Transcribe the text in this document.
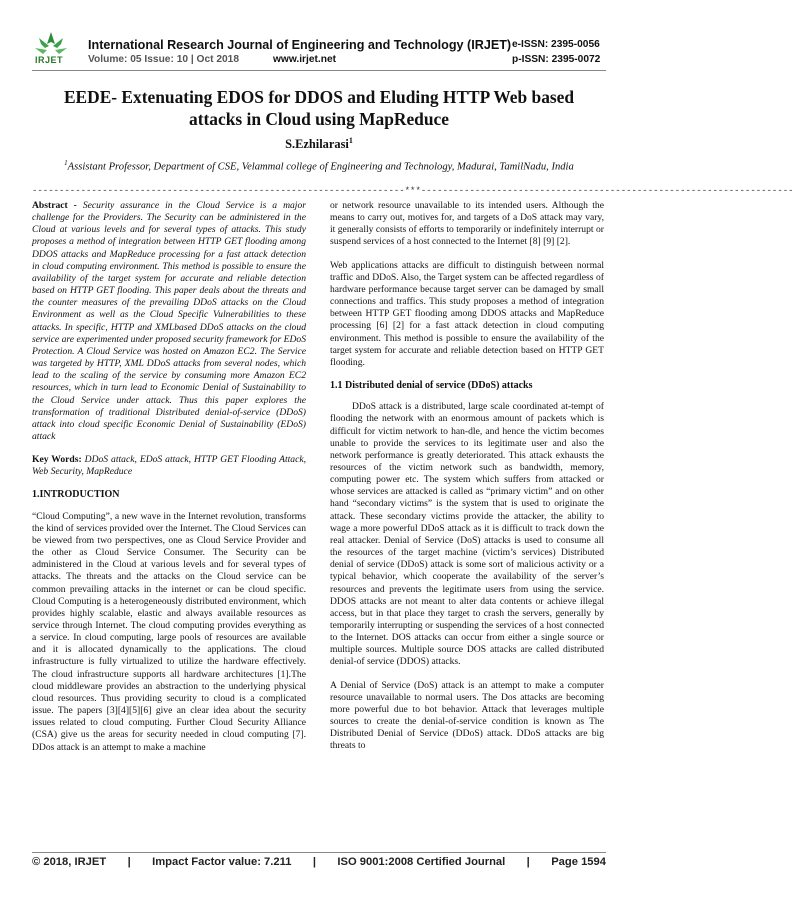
IRJET
International Research Journal of Engineering and Technology (IRJET)
Volume: 05 Issue: 10 | Oct 2018	www.irjet.net
e-ISSN: 2395-0056
p-ISSN: 2395-0072
EEDE- Extenuating EDOS for DDOS and Eluding HTTP Web based attacks in Cloud using MapReduce
S.Ezhilarasi$^1$
$^1$Assistant Professor, Department of CSE, Velammal college of Engineering and Technology, Madurai, TamilNadu, India
---------------------------------------------------------------------***---------------------------------------------------------------------

Abstract - Security assurance in the Cloud Service is a major challenge for the Providers. The Security can be administered in the Cloud at various levels and for several types of attacks. This study proposes a method of integration between HTTP GET flooding among DDOS attacks and MapReduce processing for a fast attack detection in cloud computing environment. This method is possible to ensure the availability of the target system for accurate and reliable detection based on HTTP GET flooding. This paper deals about the threats and the counter measures of the prevailing DDoS attacks on the Cloud Environment as well as the Cloud Specific Vulnerabilities to these attacks. In specific, HTTP and XMLbased DDoS attacks on the cloud service are experimented under proposed security framework for EDoS Protection. A Cloud Service was hosted on Amazon EC2. The Service was targeted by HTTP, XML DDoS attacks from several nodes, which lead to the scaling of the service by consuming more Amazon EC2 resources, which in turn lead to Economic Denial of Sustainability to the Cloud Service under attack. Thus this paper explores the transformation of traditional Distributed denial-of-service (DDoS) attack into cloud specific Economic Denial of Sustainability (EDoS) attack

Key Words: DDoS attack, EDoS attack, HTTP GET Flooding Attack, Web Security, MapReduce

1.INTRODUCTION

“Cloud Computing”, a new wave in the Internet revolution, transforms the kind of services provided over the Internet. The Cloud Services can be viewed from two perspectives, one as Cloud Service Provider and the other as Cloud Service Consumer. The Security can be administered in the Cloud at various levels and for several types of attacks. The threats and the attacks on the Cloud service can be common prevailing attacks in the internet or can be cloud specific. Cloud Computing is a heterogeneously distributed environment, which provides highly scalable, elastic and always available resources as service through Internet. The cloud computing provides everything as a service. In cloud computing, large pools of resources are available and it is allocated dynamically to the applications. The cloud infrastructure is fully virtualized to utilize the hardware effectively. The cloud infrastructure supports all hardware architectures [1].The cloud middleware provides an abstraction to the underlying physical cloud resources. Thus providing security to cloud is a complicated issue. The papers [3][4][5][6] give an clear idea about the security issues related to cloud computing. Further Cloud Security Alliance (CSA) give us the areas for security needed in cloud computing [7]. DDos attack is an attempt to make a machine

or network resource unavailable to its intended users. Although the means to carry out, motives for, and targets of a DoS attack may vary, it generally consists of efforts to temporarily or indefinitely interrupt or suspend services of a host connected to the Internet [8] [9] [2].

Web applications attacks are difficult to distinguish between normal traffic and DDoS. Also, the Target system can be affected regardless of hardware performance because target server can be damaged by small connections and traffics. This study proposes a method of integration between HTTP GET flooding among DDOS attacks and MapReduce processing [6] [2] for a fast attack detection in cloud computing environment. This method is possible to ensure the availability of the target system for accurate and reliable detection based on HTTP GET flooding.

1.1 Distributed denial of service (DDoS) attacks

DDoS attack is a distributed, large scale coordinated at-tempt of flooding the network with an enormous amount of packets which is difficult for victim network to han-dle, and hence the victim becomes unable to provide the services to its legitimate user and also the network performance is greatly deteriorated. This attack exhausts the resources of the victim network such as bandwidth, memory, computing power etc. The system which suffers from attacked or whose services are attacked is called as “primary victim” and on other hand “secondary victims” is the system that is used to originate the attack. These secondary victims provide the attacker, the ability to wage a more powerful DDoS attack as it is difficult to track down the real attacker. Denial of Service (DoS) attacks is used to consume all the resources of the target machine (victim’s services) Distributed denial of service (DDoS) attack is some sort of malicious activity or a typical behavior, which cooperate the availability of the server’s resources and prevents the legitimate users from using the service. DDOS attacks are not meant to alter data contents or achieve illegal access, but in that place they target to crash the servers, generally by temporarily interrupting or suspending the services of a host connected to the Internet. DOS attacks can occur from either a single source or multiple sources. Multiple source DOS attacks are called distributed denial-of service (DDOS) attacks.

A Denial of Service (DoS) attack is an attempt to make a computer resource unavailable to normal users. The Dos attacks are becoming more powerful due to bot behavior. Attack that leverages multiple sources to create the denial-of-service condition is known as The Distributed Denial of Service (DDoS) attack. DDoS attacks are big threats to

© 2018, IRJET | Impact Factor value: 7.211 | ISO 9001:2008 Certified Journal | Page 1594
